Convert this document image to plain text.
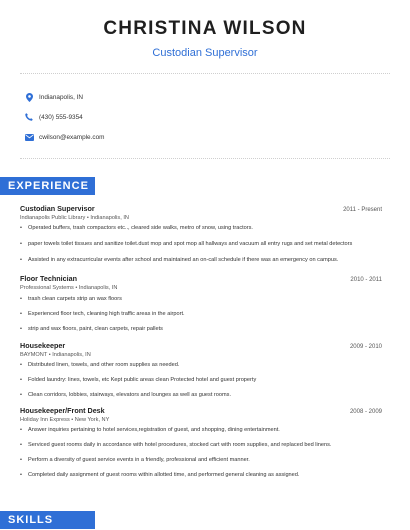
CHRISTINA WILSON
Custodian Supervisor
Indianapolis, IN
(430) 555-9354
cwilson@example.com
EXPERIENCE
Custodian Supervisor	2011 - Present
Indianapolis Public Library • Indianapolis, IN
• Operated buffers, trash compactors etc.., cleared side walks, metro of snow, using tractors.
• paper towels toilet tissues and sanitize toilet.dust mop and spot mop all hallways and vacuum all entry rugs and set metal detectors
• Assisted in any extracurricular events after school and maintained an on-call schedule if there was an emergency on campus.
Floor Technician	2010 - 2011
Professional Systems • Indianapolis, IN
• trash clean carpets strip an wax floors
• Experienced floor tech, cleaning high traffic areas in the airport.
• strip and wax floors, paint, clean carpets, repair pallets
Housekeeper	2009 - 2010
BAYMONT • Indianapolis, IN
• Distributed linen, towels, and other room supplies as needed.
• Folded laundry: lines, towels, etc Kept public areas clean Protected hotel and guest property
• Clean corridors, lobbies, stairways, elevators and lounges as well as guest rooms.
Housekeeper/Front Desk	2008 - 2009
Holiday Inn Express • New York, NY
• Answer inquiries pertaining to hotel services,registration of guest, and shopping, dining entertainment.
• Serviced guest rooms daily in accordance with hotel procedures, stocked cart with room supplies, and replaced bed linens.
• Perform a diversity of guest service events in a friendly, professional and efficient manner.
• Completed daily assignment of guest rooms within allotted time, and performed general cleaning as assigned.
SKILLS
